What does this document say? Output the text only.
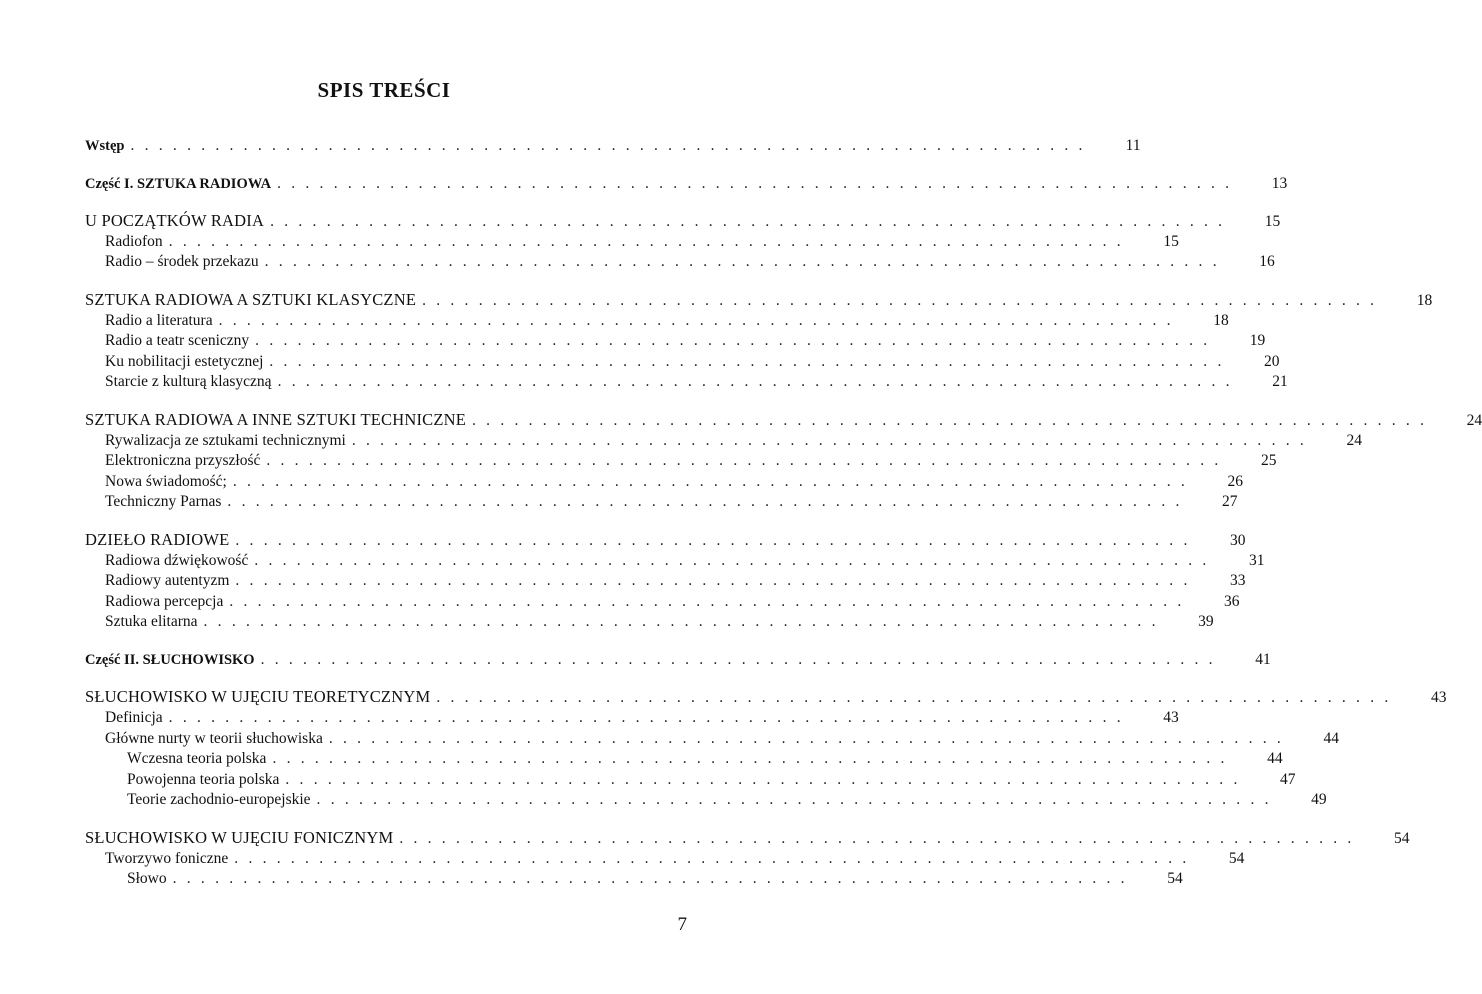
SPIS TREŚCI
Wstęp . . . . . . . . . . . . . . . . . . . . . . . . . . . . . . . . . . . . . . . . . . . . . . . . . . . . . . . . . . . . . . . . . . . .	11
Część I. SZTUKA RADIOWA . . . . . . . . . . . . . . . . . . . . . . . . . . . . . . . . . . . . . . . . . . . . . . . . . . . . . . . . . . . . . . . . . . . .	13
U POCZĄTKÓW RADIA . . . . . . . . . . . . . . . . . . . . . . . . . . . . . . . . . . . . . . . . . . . . . . . . . . . . . . . . . . . . . . . . . . . .	15
Radiofon . . . . . . . . . . . . . . . . . . . . . . . . . . . . . . . . . . . . . . . . . . . . . . . . . . . . . . . . . . . . . . . . . . . .	15
Radio – środek przekazu . . . . . . . . . . . . . . . . . . . . . . . . . . . . . . . . . . . . . . . . . . . . . . . . . . . . . . . . . . . . . . . . . . . .	16
SZTUKA RADIOWA A SZTUKI KLASYCZNE . . . . . . . . . . . . . . . . . . . . . . . . . . . . . . . . . . . . . . . . . . . . . . . . . . . . . . . . . . . . . . . . . . . .	18
Radio a literatura . . . . . . . . . . . . . . . . . . . . . . . . . . . . . . . . . . . . . . . . . . . . . . . . . . . . . . . . . . . . . . . . . . . .	18
Radio a teatr sceniczny . . . . . . . . . . . . . . . . . . . . . . . . . . . . . . . . . . . . . . . . . . . . . . . . . . . . . . . . . . . . . . . . . . . .	19
Ku nobilitacji estetycznej . . . . . . . . . . . . . . . . . . . . . . . . . . . . . . . . . . . . . . . . . . . . . . . . . . . . . . . . . . . . . . . . . . . .	20
Starcie z kulturą klasyczną . . . . . . . . . . . . . . . . . . . . . . . . . . . . . . . . . . . . . . . . . . . . . . . . . . . . . . . . . . . . . . . . . . . .	21
SZTUKA RADIOWA A INNE SZTUKI TECHNICZNE . . . . . . . . . . . . . . . . . . . . . . . . . . . . . . . . . . . . . . . . . . . . . . . . . . . . . . . . . . . . . . . . . . . .	24
Rywalizacja ze sztukami technicznymi . . . . . . . . . . . . . . . . . . . . . . . . . . . . . . . . . . . . . . . . . . . . . . . . . . . . . . . . . . . . . . . . . . . .	24
Elektroniczna przyszłość . . . . . . . . . . . . . . . . . . . . . . . . . . . . . . . . . . . . . . . . . . . . . . . . . . . . . . . . . . . . . . . . . . . .	25
Nowa świadomość; . . . . . . . . . . . . . . . . . . . . . . . . . . . . . . . . . . . . . . . . . . . . . . . . . . . . . . . . . . . . . . . . . . . .	26
Techniczny Parnas . . . . . . . . . . . . . . . . . . . . . . . . . . . . . . . . . . . . . . . . . . . . . . . . . . . . . . . . . . . . . . . . . . . .	27
DZIEŁO RADIOWE . . . . . . . . . . . . . . . . . . . . . . . . . . . . . . . . . . . . . . . . . . . . . . . . . . . . . . . . . . . . . . . . . . . .	30
Radiowa dźwiękowość . . . . . . . . . . . . . . . . . . . . . . . . . . . . . . . . . . . . . . . . . . . . . . . . . . . . . . . . . . . . . . . . . . . .	31
Radiowy autentyzm . . . . . . . . . . . . . . . . . . . . . . . . . . . . . . . . . . . . . . . . . . . . . . . . . . . . . . . . . . . . . . . . . . . .	33
Radiowa percepcja . . . . . . . . . . . . . . . . . . . . . . . . . . . . . . . . . . . . . . . . . . . . . . . . . . . . . . . . . . . . . . . . . . . .	36
Sztuka elitarna . . . . . . . . . . . . . . . . . . . . . . . . . . . . . . . . . . . . . . . . . . . . . . . . . . . . . . . . . . . . . . . . . . . .	39
Część II. SŁUCHOWISKO . . . . . . . . . . . . . . . . . . . . . . . . . . . . . . . . . . . . . . . . . . . . . . . . . . . . . . . . . . . . . . . . . . . .	41
SŁUCHOWISKO W UJĘCIU TEORETYCZNYM . . . . . . . . . . . . . . . . . . . . . . . . . . . . . . . . . . . . . . . . . . . . . . . . . . . . . . . . . . . . . . . . . . . .	43
Definicja . . . . . . . . . . . . . . . . . . . . . . . . . . . . . . . . . . . . . . . . . . . . . . . . . . . . . . . . . . . . . . . . . . . .	43
Główne nurty w teorii słuchowiska . . . . . . . . . . . . . . . . . . . . . . . . . . . . . . . . . . . . . . . . . . . . . . . . . . . . . . . . . . . . . . . . . . . .	44
Wczesna teoria polska . . . . . . . . . . . . . . . . . . . . . . . . . . . . . . . . . . . . . . . . . . . . . . . . . . . . . . . . . . . . . . . . . . . .	44
Powojenna teoria polska . . . . . . . . . . . . . . . . . . . . . . . . . . . . . . . . . . . . . . . . . . . . . . . . . . . . . . . . . . . . . . . . . . . .	47
Teorie zachodnio-europejskie . . . . . . . . . . . . . . . . . . . . . . . . . . . . . . . . . . . . . . . . . . . . . . . . . . . . . . . . . . . . . . . . . . . .	49
SŁUCHOWISKO W UJĘCIU FONICZNYM . . . . . . . . . . . . . . . . . . . . . . . . . . . . . . . . . . . . . . . . . . . . . . . . . . . . . . . . . . . . . . . . . . . .	54
Tworzywo foniczne . . . . . . . . . . . . . . . . . . . . . . . . . . . . . . . . . . . . . . . . . . . . . . . . . . . . . . . . . . . . . . . . . . . .	54
Słowo . . . . . . . . . . . . . . . . . . . . . . . . . . . . . . . . . . . . . . . . . . . . . . . . . . . . . . . . . . . . . . . . . . . .	54
7
